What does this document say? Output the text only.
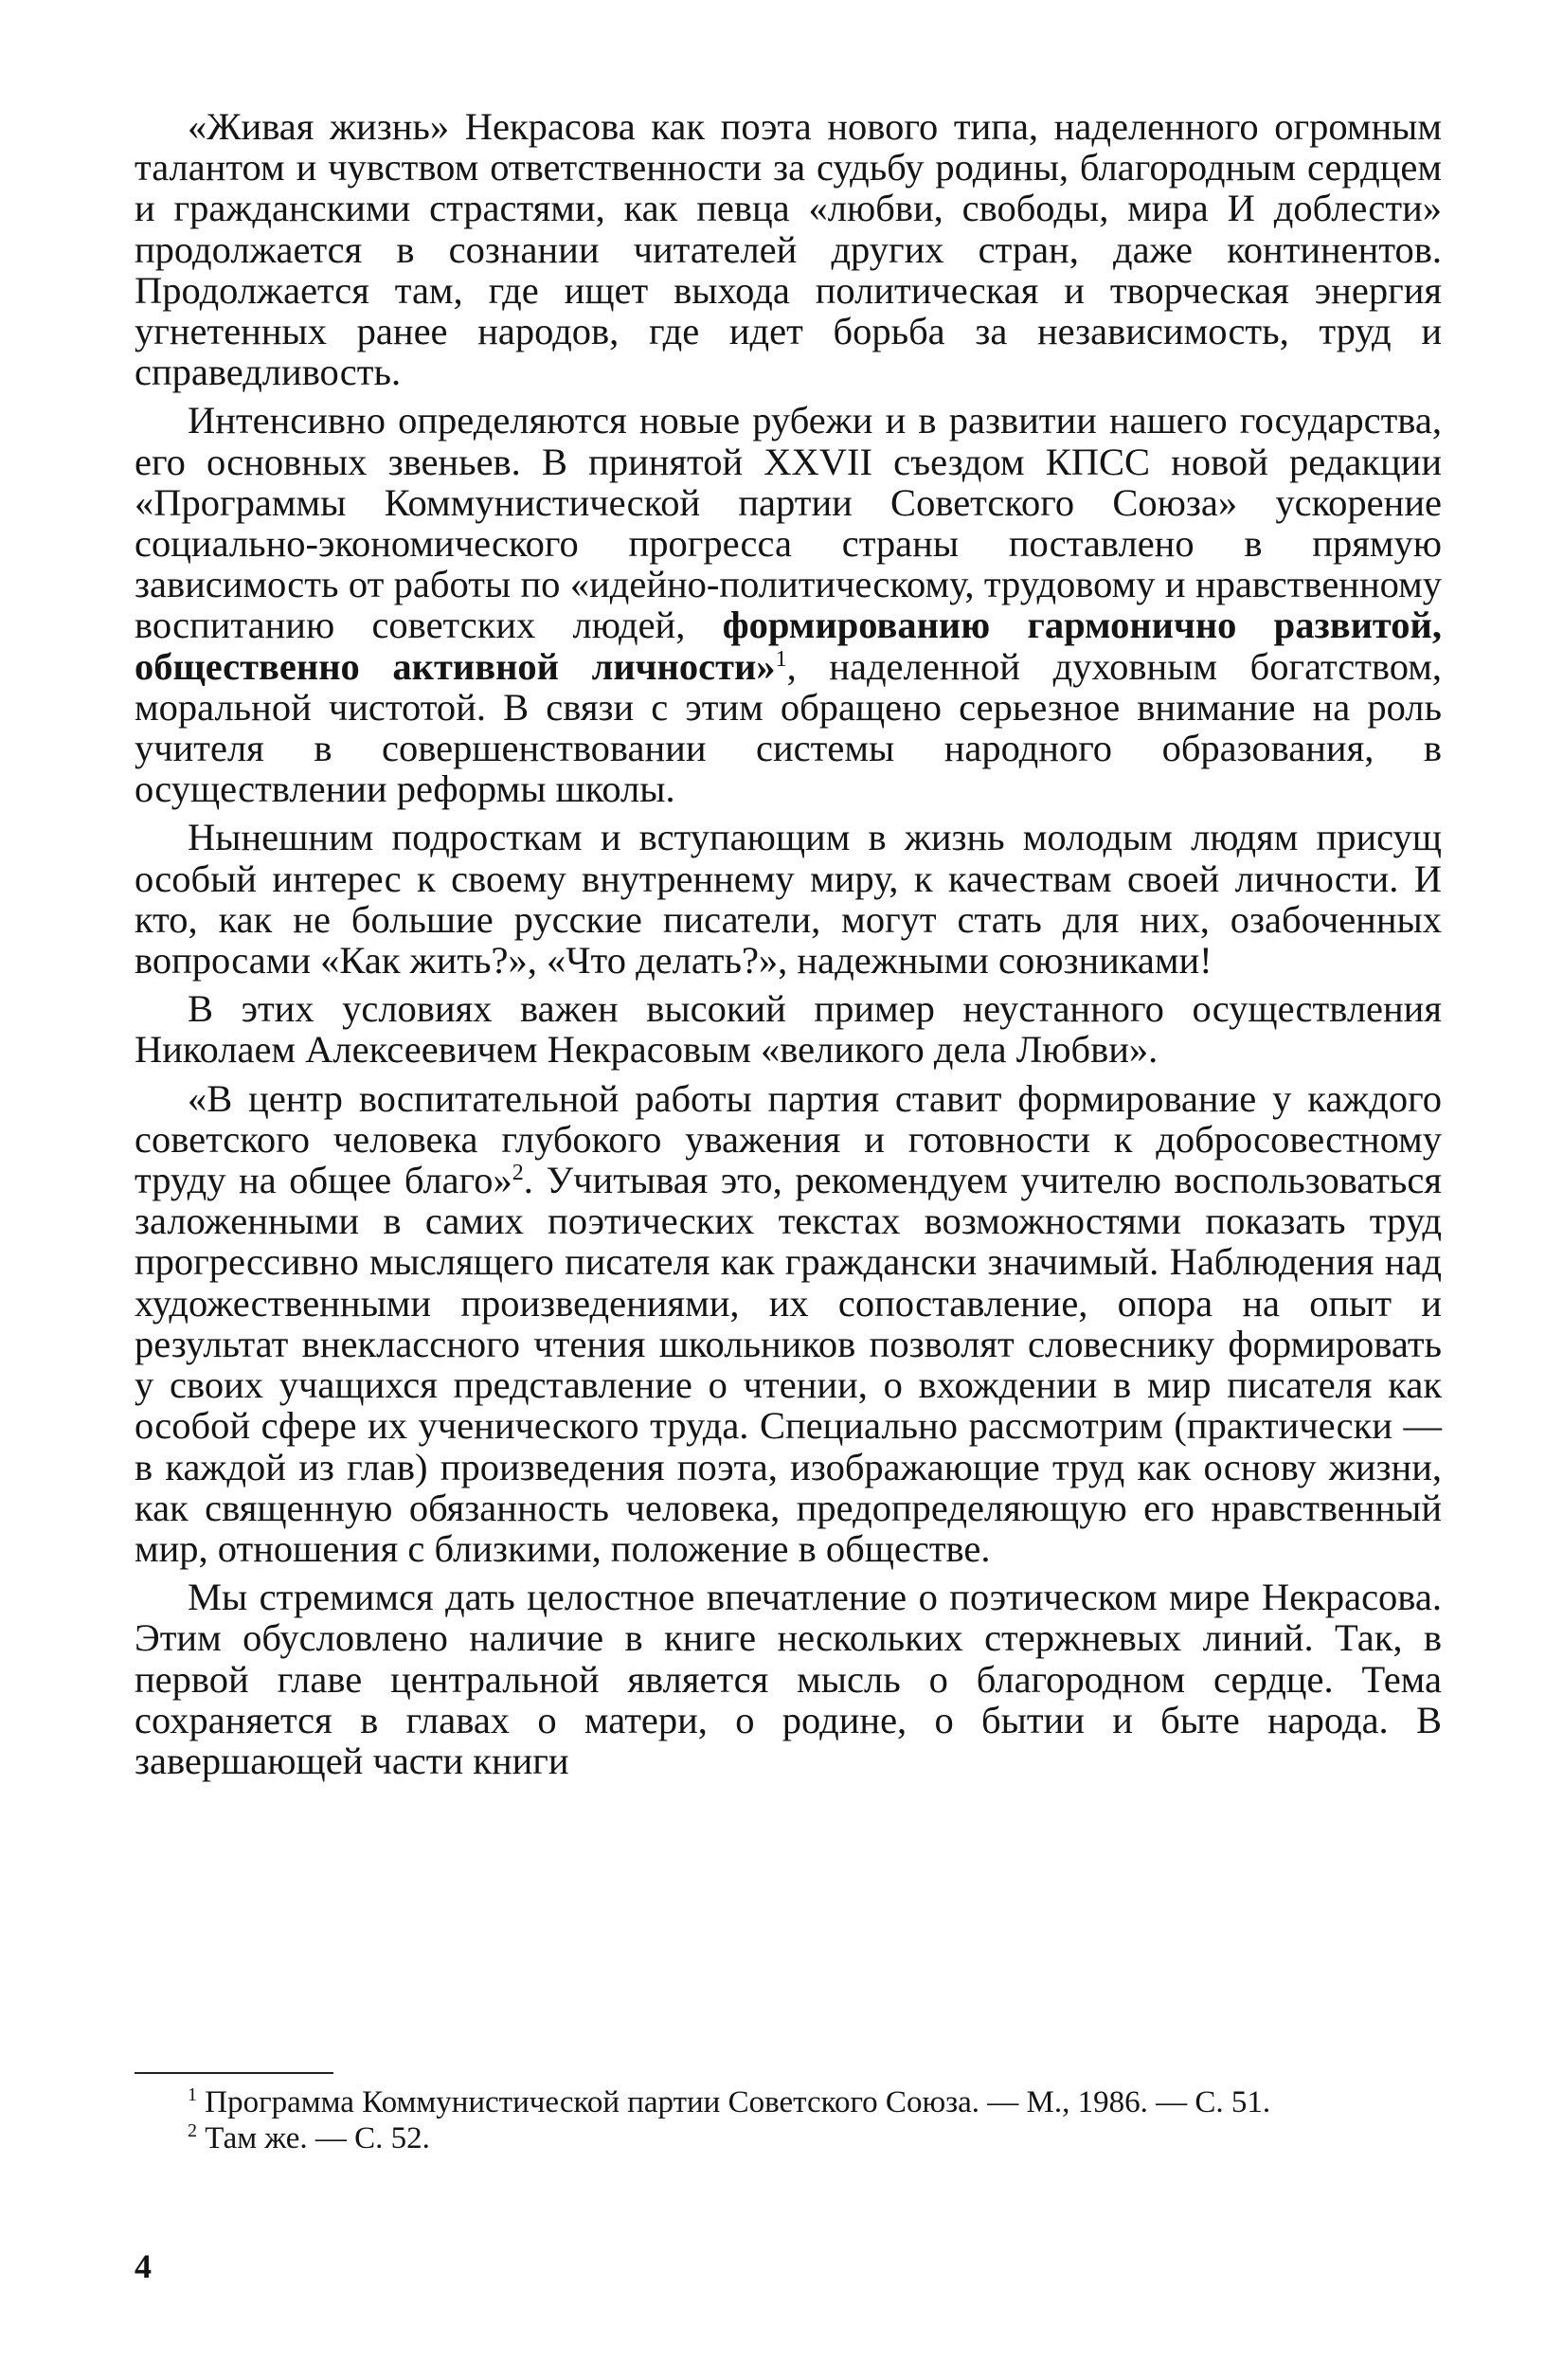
«Живая жизнь» Некрасова как поэта нового типа, наделенного огромным талантом и чувством ответственности за судьбу родины, благородным сердцем и гражданскими страстями, как певца «любви, свободы, мира И доблести» продолжается в сознании читателей других стран, даже континентов. Продолжается там, где ищет выхода политическая и творческая энергия угнетенных ранее народов, где идет борьба за независимость, труд и справедливость.

Интенсивно определяются новые рубежи и в развитии нашего государства, его основных звеньев. В принятой XXVII съездом КПСС новой редакции «Программы Коммунистической партии Советского Союза» ускорение социально-экономического прогресса страны поставлено в прямую зависимость от работы по «идейно-политическому, трудовому и нравственному воспитанию советских людей, формированию гармонично развитой, общественно активной личности»$^1$, наделенной духовным богатством, моральной чистотой. В связи с этим обращено серьезное внимание на роль учителя в совершенствовании системы народного образования, в осуществлении реформы школы.

Нынешним подросткам и вступающим в жизнь молодым людям присущ особый интерес к своему внутреннему миру, к качествам своей личности. И кто, как не большие русские писатели, могут стать для них, озабоченных вопросами «Как жить?», «Что делать?», надежными союзниками!

В этих условиях важен высокий пример неустанного осуществления Николаем Алексеевичем Некрасовым «великого дела Любви».

«В центр воспитательной работы партия ставит формирование у каждого советского человека глубокого уважения и готовности к добросовестному труду на общее благо»$^2$. Учитывая это, рекомендуем учителю воспользоваться заложенными в самих поэтических текстах возможностями показать труд прогрессивно мыслящего писателя как граждански значимый. Наблюдения над художественными произведениями, их сопоставление, опора на опыт и результат внеклассного чтения школьников позволят словеснику формировать у своих учащихся представление о чтении, о вхождении в мир писателя как особой сфере их ученического труда. Специально рассмотрим (практически — в каждой из глав) произведения поэта, изображающие труд как основу жизни, как священную обязанность человека, предопределяющую его нравственный мир, отношения с близкими, положение в обществе.

Мы стремимся дать целостное впечатление о поэтическом мире Некрасова. Этим обусловлено наличие в книге нескольких стержневых линий. Так, в первой главе центральной является мысль о благородном сердце. Тема сохраняется в главах о матери, о родине, о бытии и быте народа. В завершающей части книги

$^1$ Программа Коммунистической партии Советского Союза. — М., 1986. — С. 51.

$^2$ Там же. — С. 52.

4
